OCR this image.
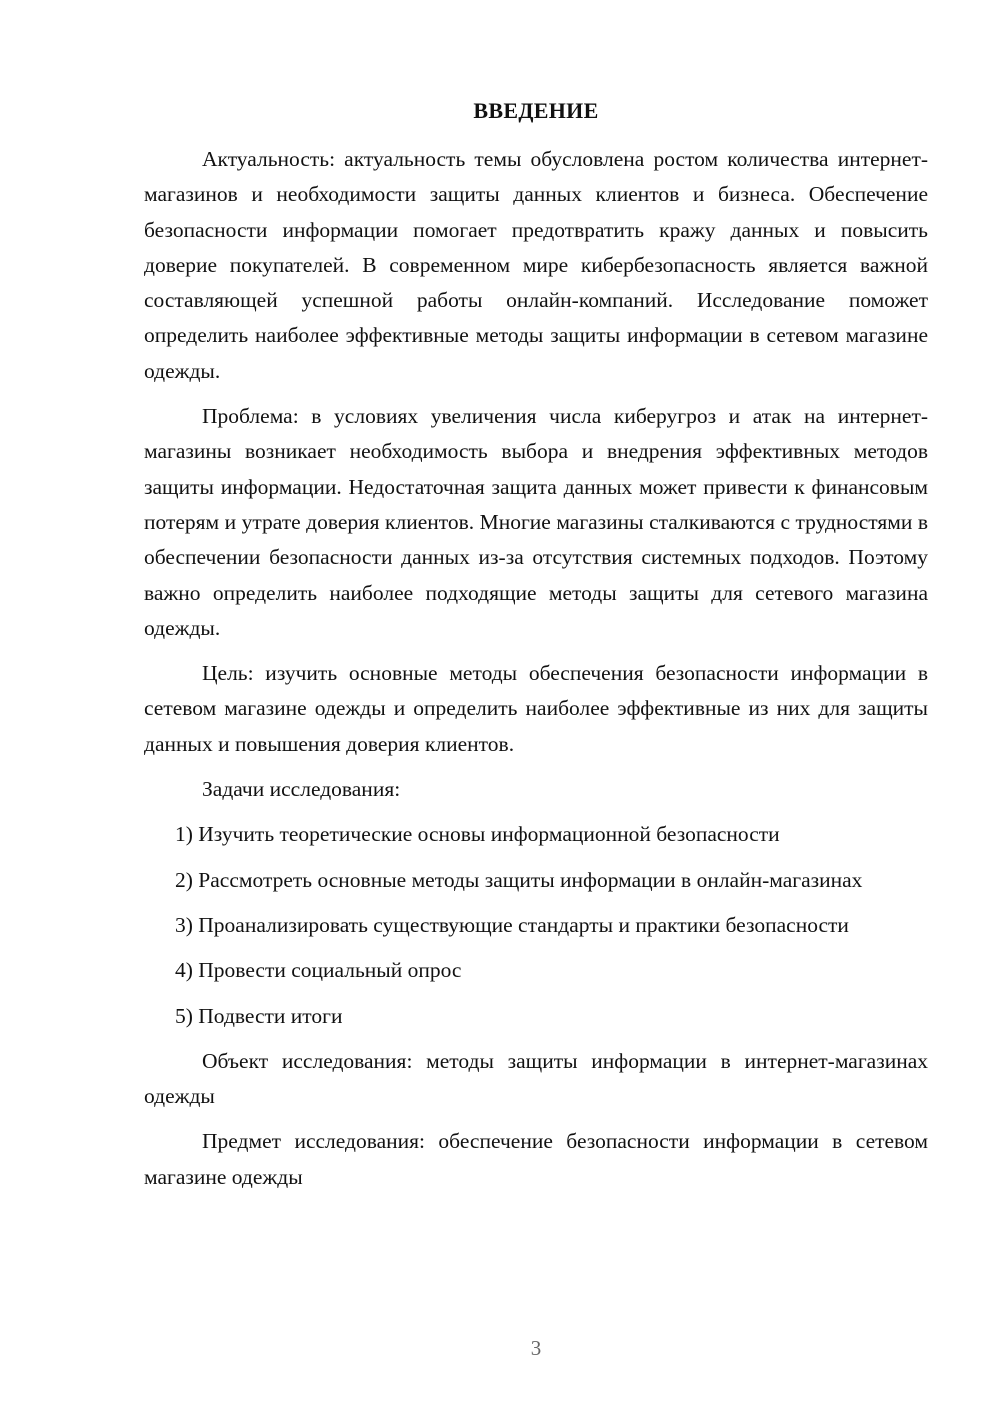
ВВЕДЕНИЕ

Актуальность: актуальность темы обусловлена ростом количества интернет-магазинов и необходимости защиты данных клиентов и бизнеса. Обеспечение безопасности информации помогает предотвратить кражу данных и повысить доверие покупателей. В современном мире кибербезопасность является важной составляющей успешной работы онлайн-компаний. Исследование поможет определить наиболее эффективные методы защиты информации в сетевом магазине одежды.

Проблема: в условиях увеличения числа киберугроз и атак на интернет-магазины возникает необходимость выбора и внедрения эффективных методов защиты информации. Недостаточная защита данных может привести к финансовым потерям и утрате доверия клиентов. Многие магазины сталкиваются с трудностями в обеспечении безопасности данных из-за отсутствия системных подходов. Поэтому важно определить наиболее подходящие методы защиты для сетевого магазина одежды.

Цель: изучить основные методы обеспечения безопасности информации в сетевом магазине одежды и определить наиболее эффективные из них для защиты данных и повышения доверия клиентов.

Задачи исследования:

1) Изучить теоретические основы информационной безопасности

2) Рассмотреть основные методы защиты информации в онлайн-магазинах

3) Проанализировать существующие стандарты и практики безопасности

4) Провести социальный опрос

5) Подвести итоги

Объект исследования: методы защиты информации в интернет-магазинах одежды

Предмет исследования: обеспечение безопасности информации в сетевом магазине одежды

3
